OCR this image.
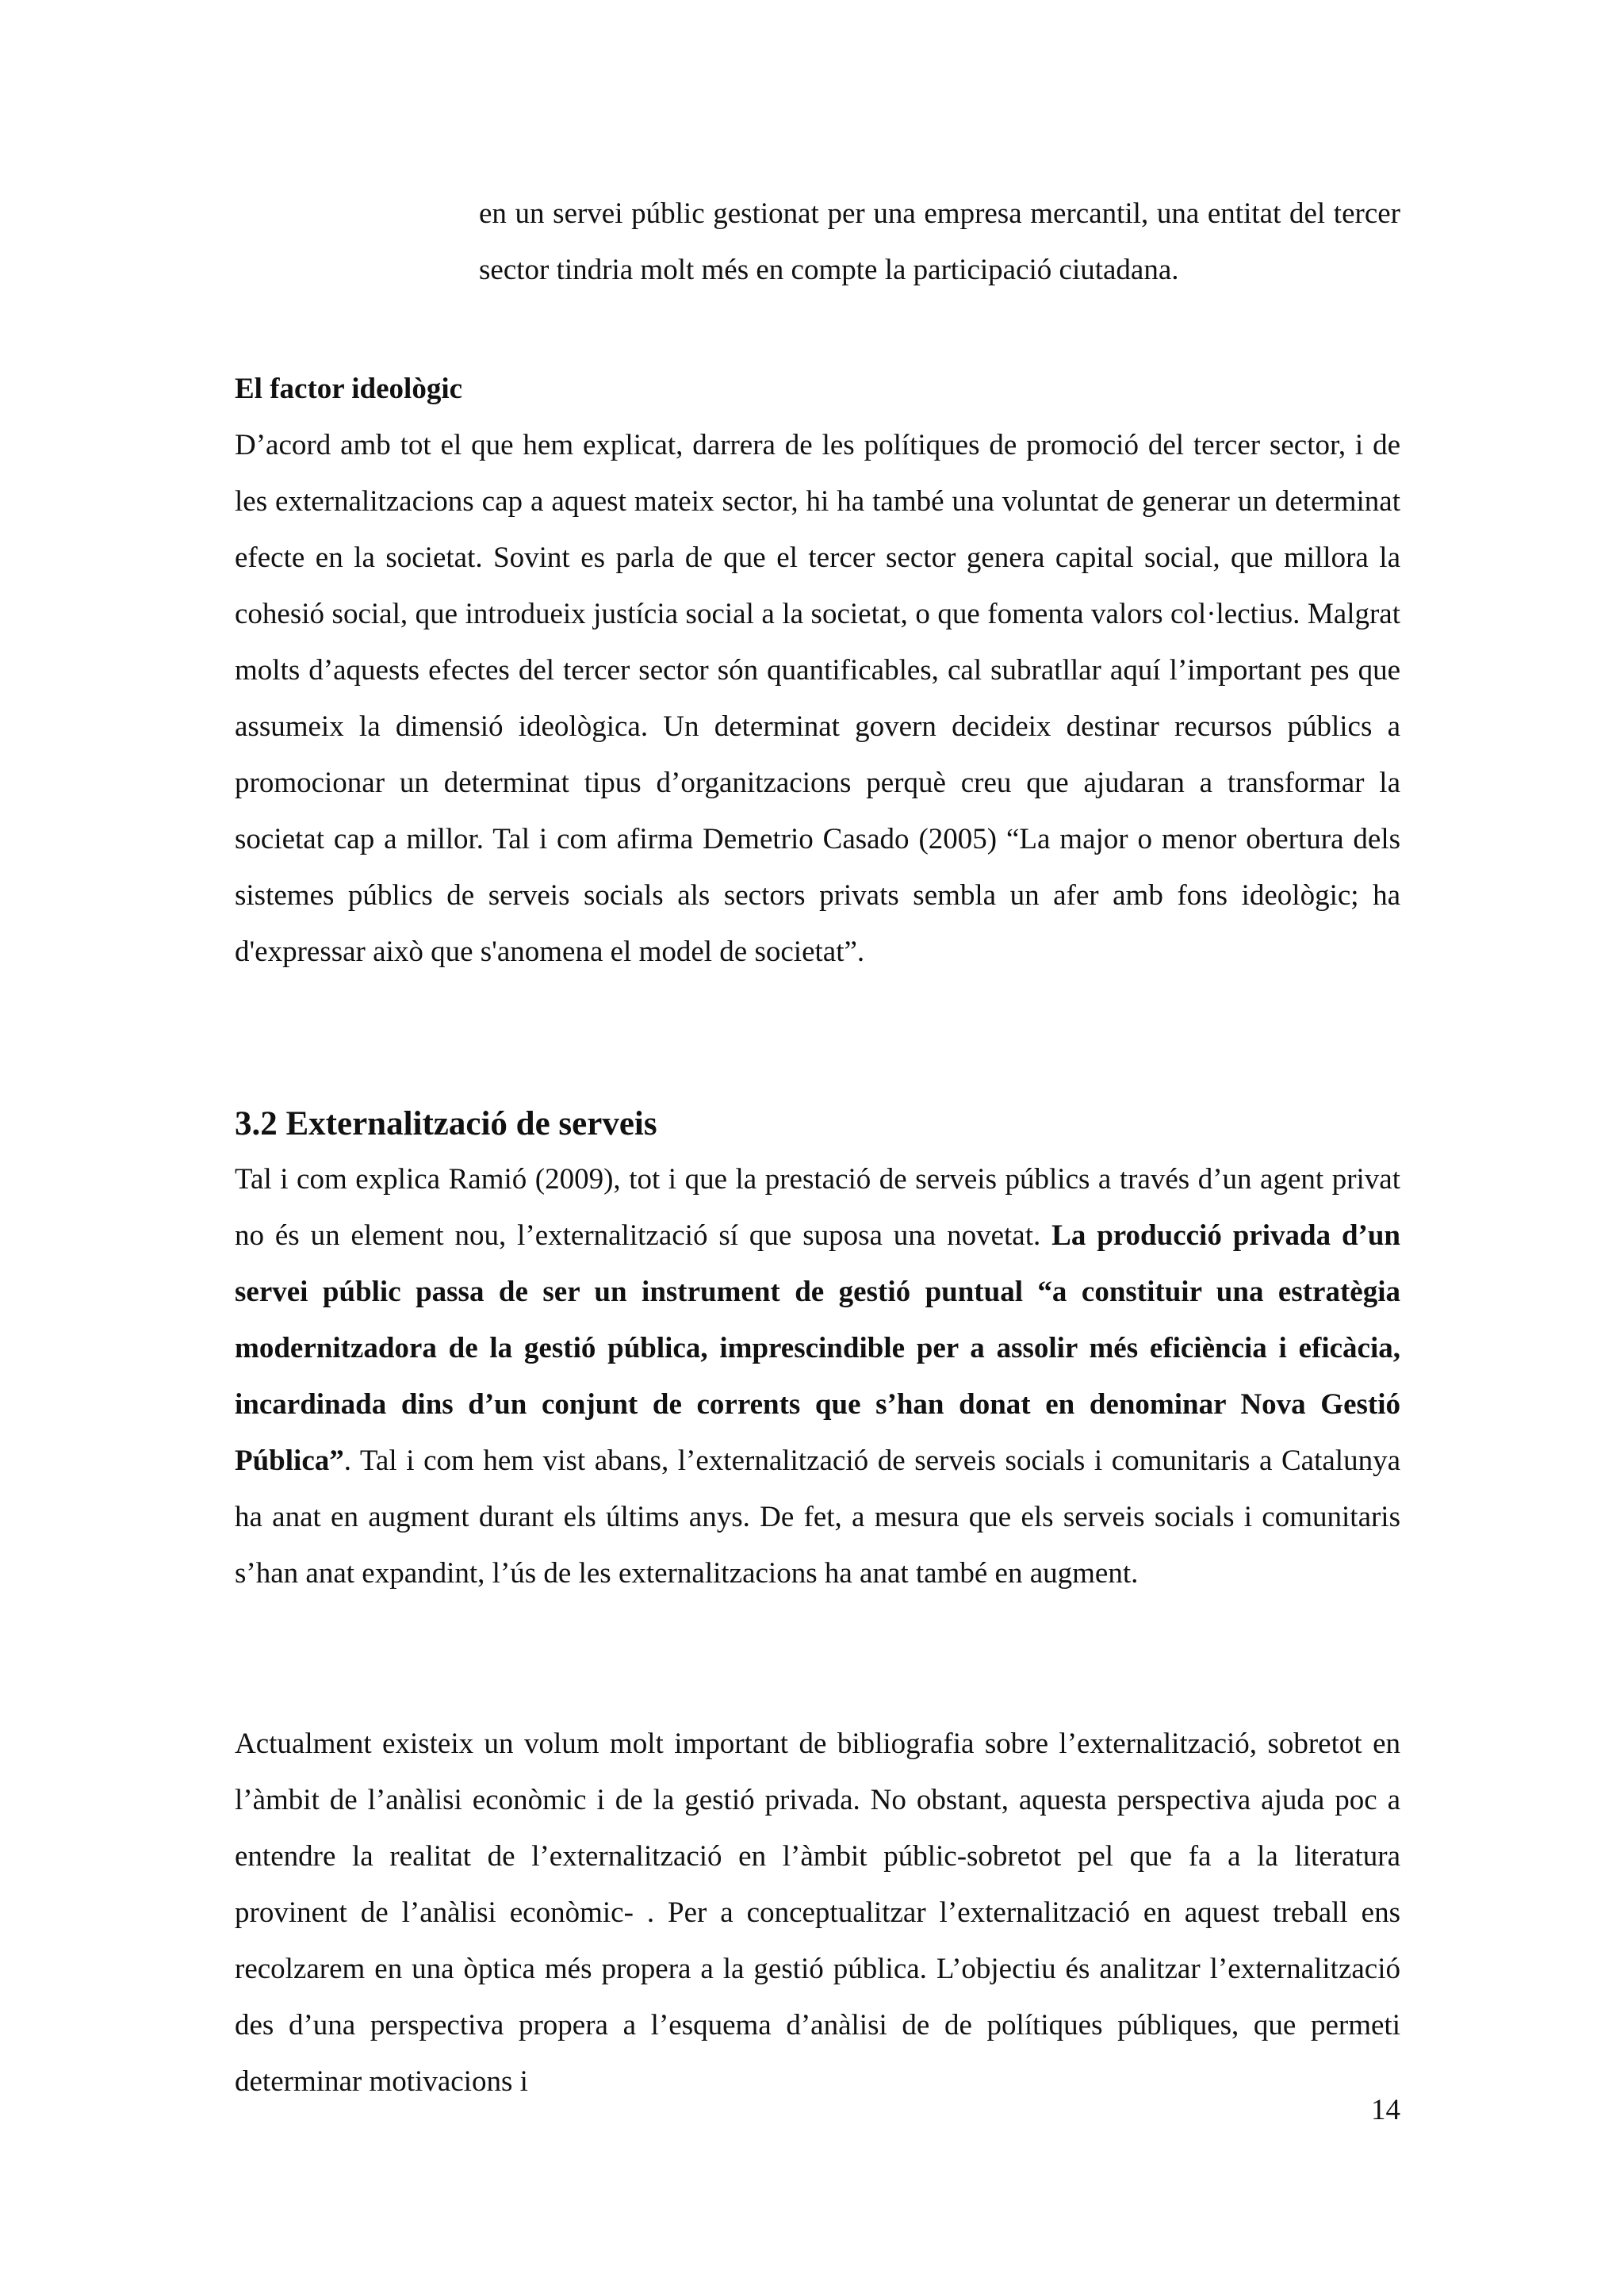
en un servei públic gestionat per una empresa mercantil, una entitat del tercer sector tindria molt més en compte la participació ciutadana.

El factor ideològic

D’acord amb tot el que hem explicat, darrera de les polítiques de promoció del tercer sector, i de les externalitzacions cap a aquest mateix sector, hi ha també una voluntat de generar un determinat efecte en la societat. Sovint es parla de que el tercer sector genera capital social, que millora la cohesió social, que introdueix justícia social a la societat, o que fomenta valors col·lectius. Malgrat molts d’aquests efectes del tercer sector són quantificables, cal subratllar aquí l’important pes que assumeix la dimensió ideològica. Un determinat govern decideix destinar recursos públics a promocionar un determinat tipus d’organitzacions perquè creu que ajudaran a transformar la societat cap a millor. Tal i com afirma Demetrio Casado (2005) “La major o menor obertura dels sistemes públics de serveis socials als sectors privats sembla un afer amb fons ideològic; ha d'expressar això que s'anomena el model de societat”.

3.2 Externalització de serveis

Tal i com explica Ramió (2009), tot i que la prestació de serveis públics a través d’un agent privat no és un element nou, l’externalització sí que suposa una novetat. La producció privada d’un servei públic passa de ser un instrument de gestió puntual “a constituir una estratègia modernitzadora de la gestió pública, imprescindible per a assolir més eficiència i eficàcia, incardinada dins d’un conjunt de corrents que s’han donat en denominar Nova Gestió Pública”. Tal i com hem vist abans, l’externalització de serveis socials i comunitaris a Catalunya ha anat en augment durant els últims anys. De fet, a mesura que els serveis socials i comunitaris s’han anat expandint, l’ús de les externalitzacions ha anat també en augment.

Actualment existeix un volum molt important de bibliografia sobre l’externalització, sobretot en l’àmbit de l’anàlisi econòmic i de la gestió privada. No obstant, aquesta perspectiva ajuda poc a entendre la realitat de l’externalització en l’àmbit públic-sobretot pel que fa a la literatura provinent de l’anàlisi econòmic- . Per a conceptualitzar l’externalització en aquest treball ens recolzarem en una òptica més propera a la gestió pública. L’objectiu és analitzar l’externalització des d’una perspectiva propera a l’esquema d’anàlisi de de polítiques públiques, que permeti determinar motivacions i

14
